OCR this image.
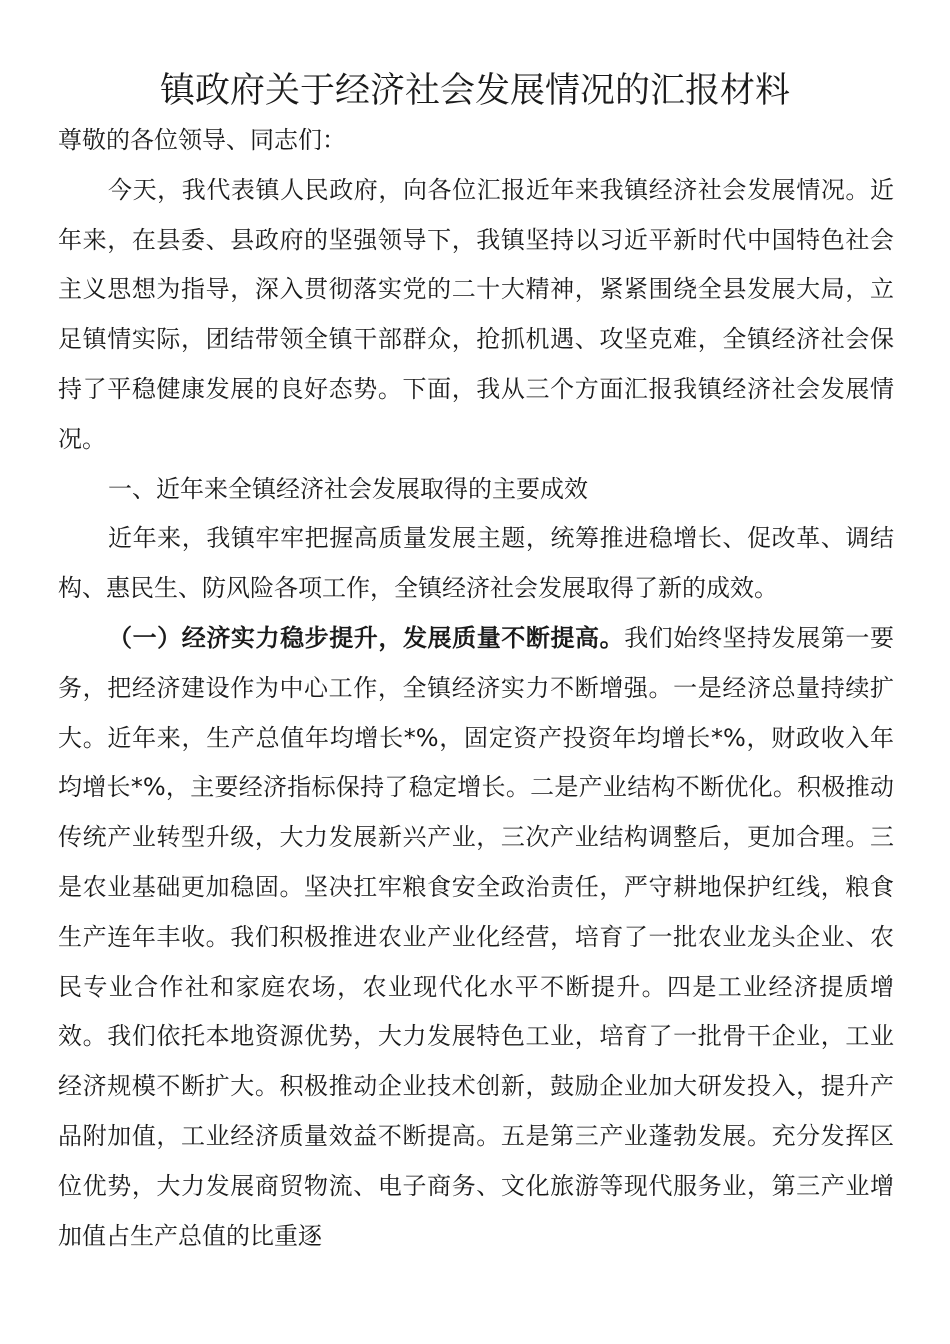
镇政府关于经济社会发展情况的汇报材料

尊敬的各位领导、同志们：

今天，我代表镇人民政府，向各位汇报近年来我镇经济社会发展情况。近年来，在县委、县政府的坚强领导下，我镇坚持以习近平新时代中国特色社会主义思想为指导，深入贯彻落实党的二十大精神，紧紧围绕全县发展大局，立足镇情实际，团结带领全镇干部群众，抢抓机遇、攻坚克难，全镇经济社会保持了平稳健康发展的良好态势。下面，我从三个方面汇报我镇经济社会发展情况。

一、近年来全镇经济社会发展取得的主要成效

近年来，我镇牢牢把握高质量发展主题，统筹推进稳增长、促改革、调结构、惠民生、防风险各项工作，全镇经济社会发展取得了新的成效。

（一）经济实力稳步提升，发展质量不断提高。我们始终坚持发展第一要务，把经济建设作为中心工作，全镇经济实力不断增强。一是经济总量持续扩大。近年来，生产总值年均增长*%，固定资产投资年均增长*%，财政收入年均增长*%，主要经济指标保持了稳定增长。二是产业结构不断优化。积极推动传统产业转型升级，大力发展新兴产业，三次产业结构调整后，更加合理。三是农业基础更加稳固。坚决扛牢粮食安全政治责任，严守耕地保护红线，粮食生产连年丰收。我们积极推进农业产业化经营，培育了一批农业龙头企业、农民专业合作社和家庭农场，农业现代化水平不断提升。四是工业经济提质增效。我们依托本地资源优势，大力发展特色工业，培育了一批骨干企业，工业经济规模不断扩大。积极推动企业技术创新，鼓励企业加大研发投入，提升产品附加值，工业经济质量效益不断提高。五是第三产业蓬勃发展。充分发挥区位优势，大力发展商贸物流、电子商务、文化旅游等现代服务业，第三产业增加值占生产总值的比重逐
